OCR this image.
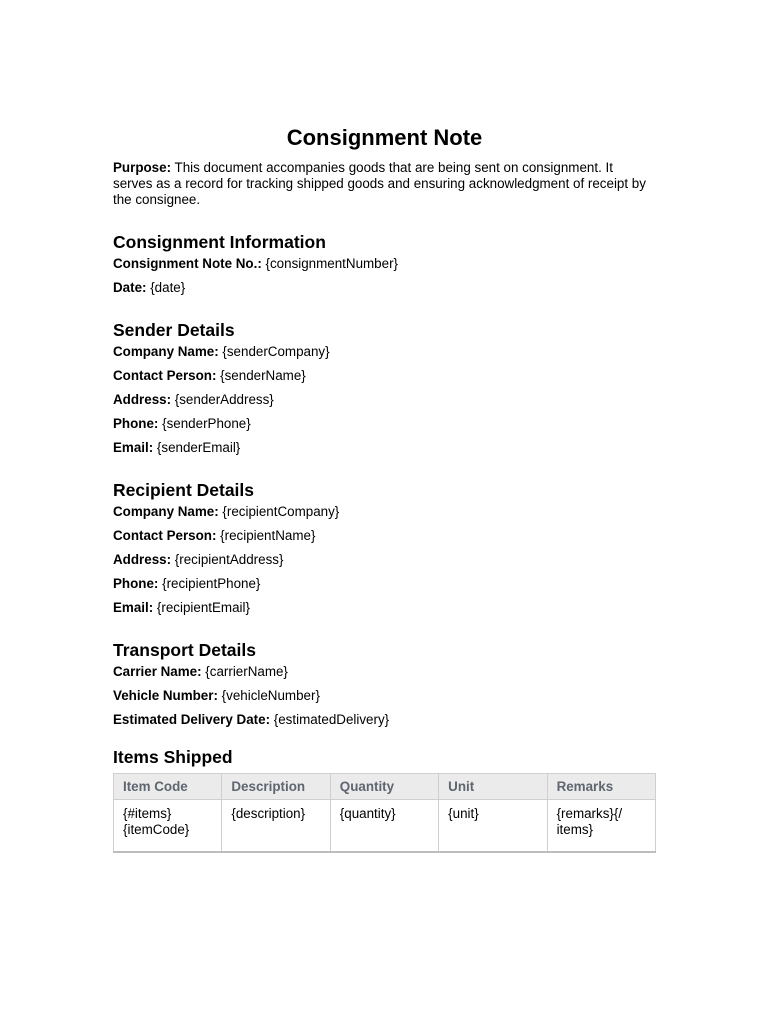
Consignment Note

Purpose: This document accompanies goods that are being sent on consignment. It serves as a record for tracking shipped goods and ensuring acknowledgment of receipt by the consignee.

Consignment Information

Consignment Note No.: {consignmentNumber}

Date: {date}

Sender Details

Company Name: {senderCompany}

Contact Person: {senderName}

Address: {senderAddress}

Phone: {senderPhone}

Email: {senderEmail}

Recipient Details

Company Name: {recipientCompany}

Contact Person: {recipientName}

Address: {recipientAddress}

Phone: {recipientPhone}

Email: {recipientEmail}

Transport Details

Carrier Name: {carrierName}

Vehicle Number: {vehicleNumber}

Estimated Delivery Date: {estimatedDelivery}

Items Shipped
Item Code	Description	Quantity	Unit	Remarks
{#items}
{itemCode}	{description}	{quantity}	{unit}	{remarks}{/
items}
